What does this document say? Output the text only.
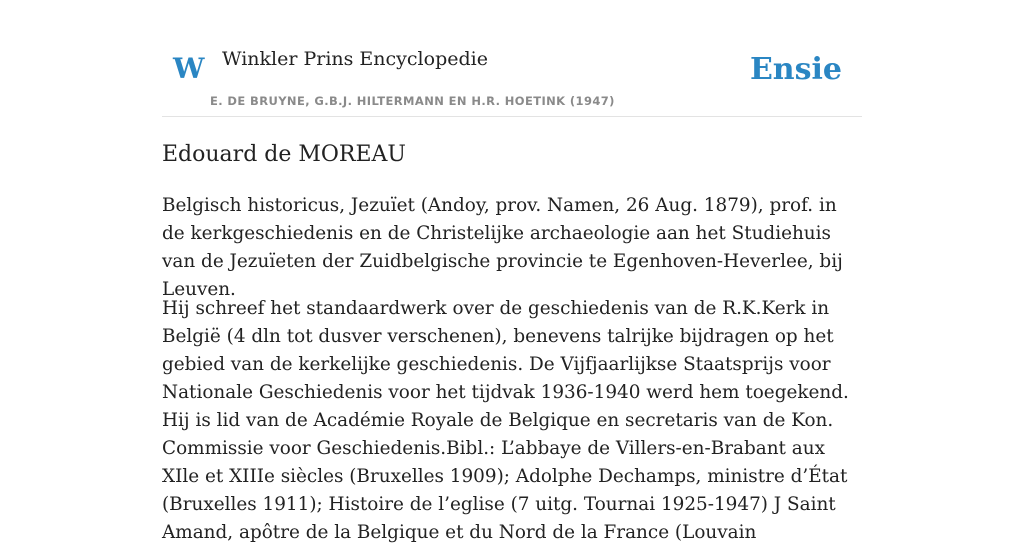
W Winkler Prins Encyclopedie
E. DE BRUYNE, G.B.J. HILTERMANN EN H.R. HOETINK (1947)
Ensie
Edouard de MOREAU

Belgisch historicus, Jezuïet (Andoy, prov. Namen, 26 Aug. 1879), prof. in de kerkgeschiedenis en de Christelijke archaeologie aan het Studiehuis van de Jezuïeten der Zuidbelgische provincie te Egenhoven-Heverlee, bij Leuven.

Hij schreef het standaardwerk over de geschiedenis van de R.K.Kerk in België (4 dln tot dusver verschenen), benevens talrijke bijdragen op het gebied van de kerkelijke geschiedenis. De Vijfjaarlijkse Staatsprijs voor Nationale Geschiedenis voor het tijdvak 1936-1940 werd hem toegekend. Hij is lid van de Académie Royale de Belgique en secretaris van de Kon. Commissie voor Geschiedenis.Bibl.: L’abbaye de Villers-en-Brabant aux XIle et XIIIe siècles (Bruxelles 1909); Adolphe Dechamps, ministre d’État (Bruxelles 1911); Histoire de l’eglise (7 uitg. Tournai 1925-1947) J Saint Amand, apôtre de la Belgique et du Nord de la France (Louvain
